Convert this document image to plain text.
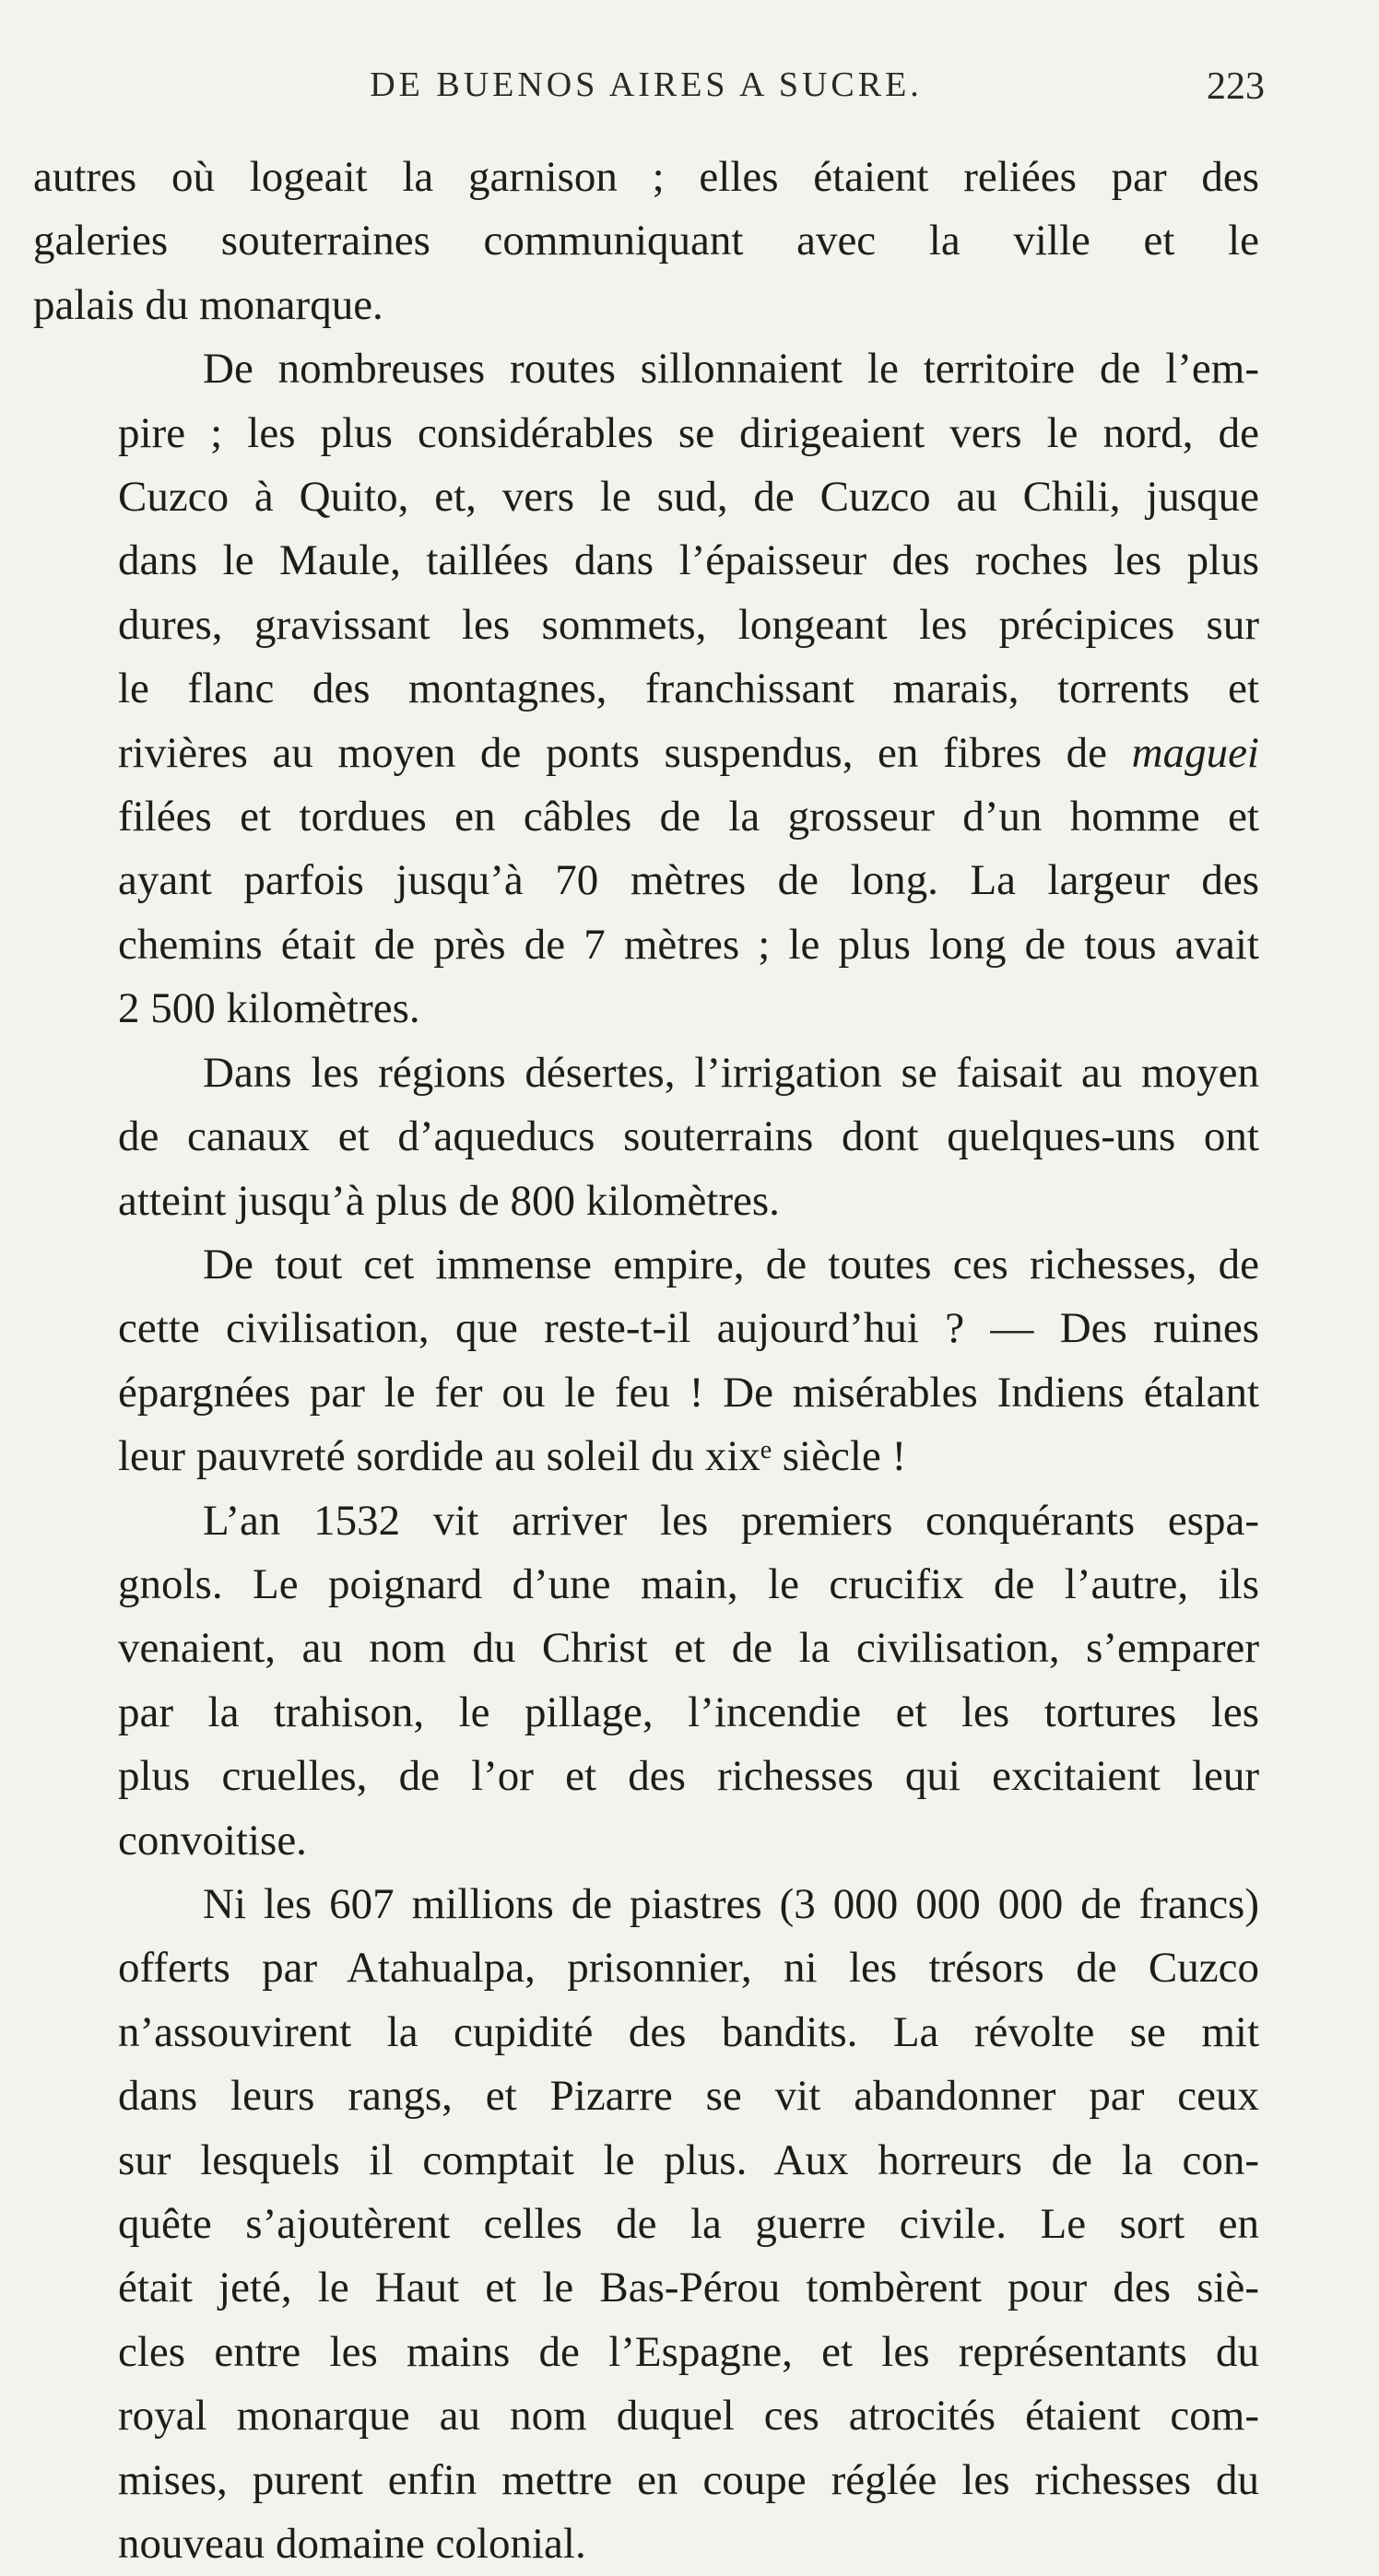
DE BUENOS AIRES A SUCRE.	223
autres où logeait la garnison ; elles étaient reliées par des
galeries souterraines communiquant avec la ville et le
palais du monarque.
De nombreuses routes sillonnaient le territoire de l’em-
pire ; les plus considérables se dirigeaient vers le nord, de
Cuzco à Quito, et, vers le sud, de Cuzco au Chili, jusque
dans le Maule, taillées dans l’épaisseur des roches les plus
dures, gravissant les sommets, longeant les précipices sur
le flanc des montagnes, franchissant marais, torrents et
rivières au moyen de ponts suspendus, en fibres de maguei
filées et tordues en câbles de la grosseur d’un homme et
ayant parfois jusqu’à 70 mètres de long. La largeur des
chemins était de près de 7 mètres ; le plus long de tous avait
2 500 kilomètres.
Dans les régions désertes, l’irrigation se faisait au moyen
de canaux et d’aqueducs souterrains dont quelques-uns ont
atteint jusqu’à plus de 800 kilomètres.
De tout cet immense empire, de toutes ces richesses, de
cette civilisation, que reste-t-il aujourd’hui ? — Des ruines
épargnées par le fer ou le feu ! De misérables Indiens étalant
leur pauvreté sordide au soleil du xixᵉ siècle !
L’an 1532 vit arriver les premiers conquérants espa-
gnols. Le poignard d’une main, le crucifix de l’autre, ils
venaient, au nom du Christ et de la civilisation, s’emparer
par la trahison, le pillage, l’incendie et les tortures les
plus cruelles, de l’or et des richesses qui excitaient leur
convoitise.
Ni les 607 millions de piastres (3 000 000 000 de francs)
offerts par Atahualpa, prisonnier, ni les trésors de Cuzco
n’assouvirent la cupidité des bandits. La révolte se mit
dans leurs rangs, et Pizarre se vit abandonner par ceux
sur lesquels il comptait le plus. Aux horreurs de la con-
quête s’ajoutèrent celles de la guerre civile. Le sort en
était jeté, le Haut et le Bas-Pérou tombèrent pour des siè-
cles entre les mains de l’Espagne, et les représentants du
royal monarque au nom duquel ces atrocités étaient com-
mises, purent enfin mettre en coupe réglée les richesses du
nouveau domaine colonial.
